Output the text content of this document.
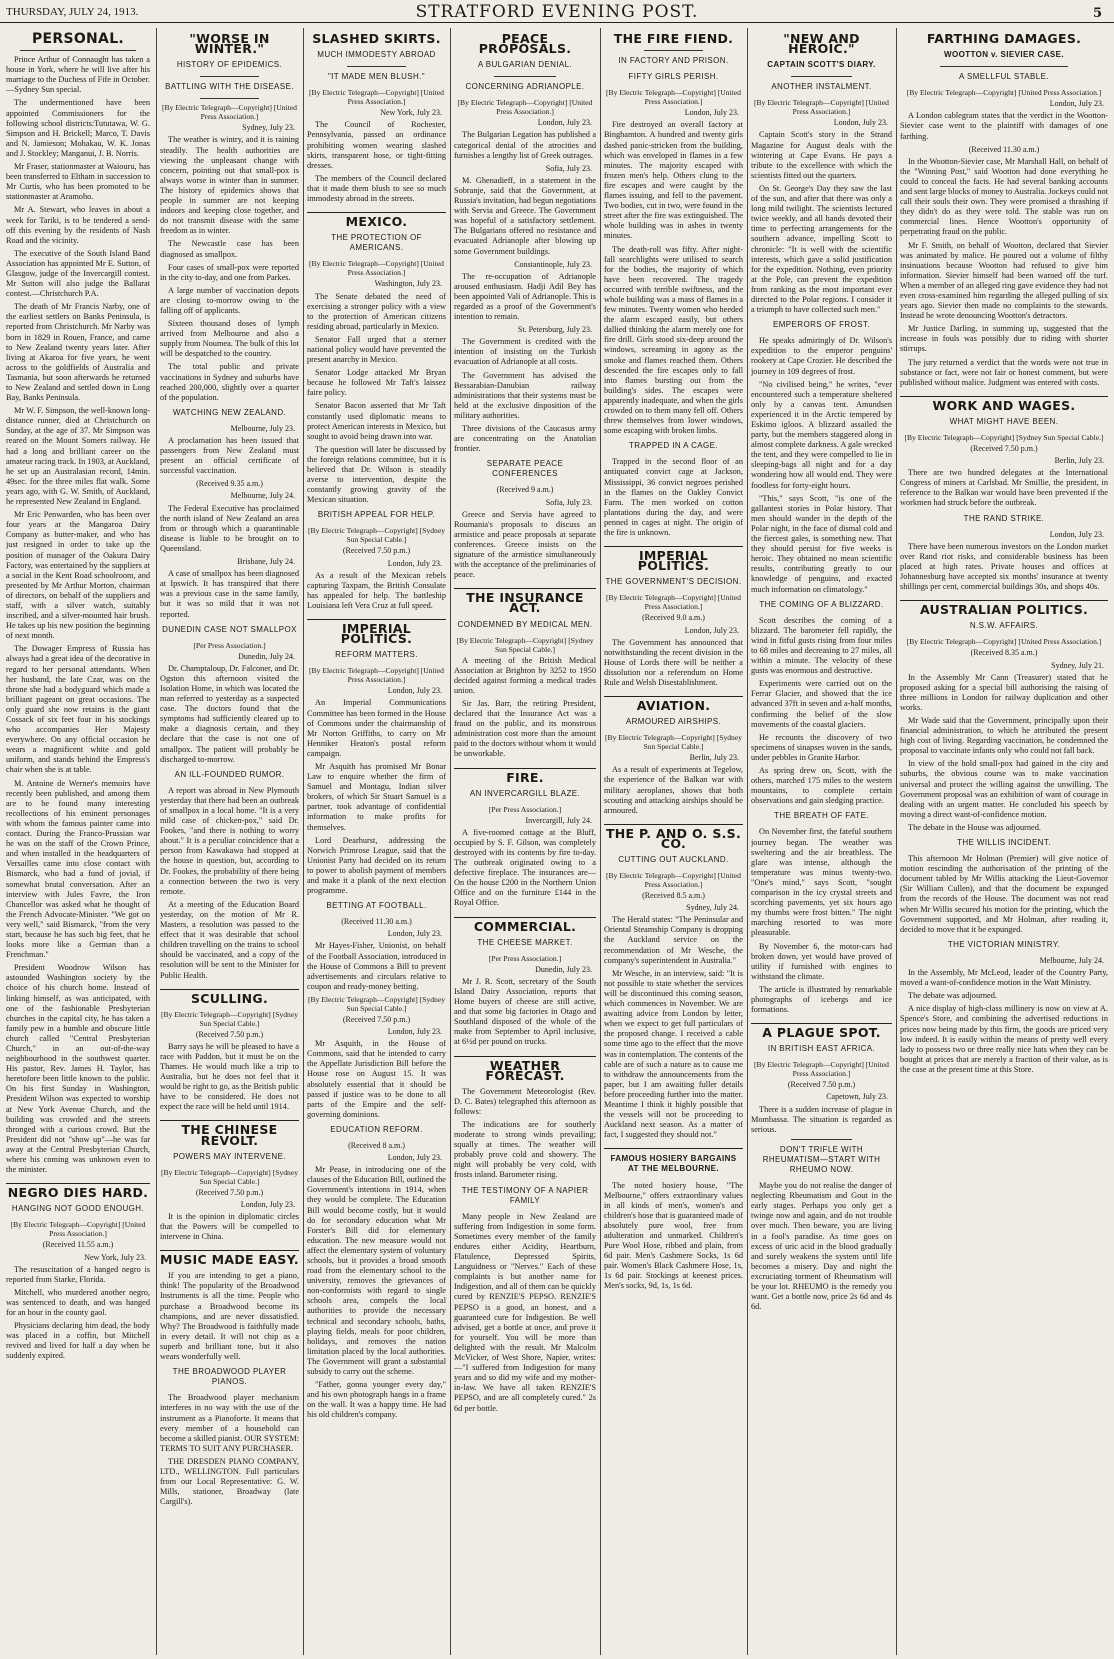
THURSDAY, JULY 24, 1913.	STRATFORD EVENING POST.	5
PERSONAL.

Prince Arthur of Connaught has taken a house in York, where he will live after his marriage to the Duchess of Fife in October.—Sydney Sun special.

The undermentioned have been appointed Commissioners for the following school districts:Tututawa, W. G. Simpson and H. Brickell; Marco, T. Davis and N. Jamieson; Mohakau, W. K. Jonas and J. Stockley; Manganui, J. B. Norris.

Mr Fraser, stationmaster at Waiouru, has been transferred to Eltham in succession to Mr Curtis, who has been promoted to be stationmaster at Aramoho.

Mr A. Stewart, who leaves in about a week for Tariki, is to be tendered a send-off this evening by the residents of Nash Road and the vicinity.

The executive of the South Island Band Association has appointed Mr E. Sutton, of Glasgow, judge of the Invercargill contest. Mr Sutton will also judge the Ballarat contest.—Christchurch P.A.

The death of Mr Francis Narby, one of the earliest settlers on Banks Peninsula, is reported from Christchurch. Mr Narby was born in 1829 in Rouen, France, and came to New Zealand twenty years later. After living at Akaroa for five years, he went across to the goldfields of Australia and Tasmania, but soon afterwards he returned to New Zealand and settled down in Long Bay, Banks Peninsula.

Mr W. F. Simpson, the well-known long-distance runner, died at Christchurch on Sunday, at the age of 37. Mr Simpson was reared on the Mount Somers railway. He had a long and brilliant career on the amateur racing track. In 1903, at Auckland, he set up an Australasian record, 14min. 49sec. for the three miles flat walk. Some years ago, with G. W. Smith, of Auckland, he represented New Zealand in England.

Mr Eric Penwarden, who has been over four years at the Mangaroa Dairy Company as butter-maker, and who has just resigned in order to take up the position of manager of the Oakura Dairy Factory, was entertained by the suppliers at a social in the Kent Road schoolroom, and presented by Mr Arthur Morton, chairman of directors, on behalf of the suppliers and staff, with a silver watch, suitably inscribed, and a silver-mounted hair brush. He takes up his new position the beginning of next month.

The Dowager Empress of Russia has always had a great idea of the decorative in regard to her personal attendants. When her husband, the late Czar, was on the throne she had a bodyguard which made a brilliant pageant on great occasions. The only guard she now retains is the giant Cossack of six feet four in his stockings who accompanies Her Majesty everywhere. On any official occasion he wears a magnificent white and gold uniform, and stands behind the Empress's chair when she is at table.

M. Antoine de Werner's memoirs have recently been published, and among them are to be found many interesting recollections of his eminent personages with whom the famous painter came into contact. During the Franco-Prussian war he was on the staff of the Crown Prince, and when installed in the headquarters of Versailles came into close contact with Bismarck, who had a fund of jovial, if somewhat brutal conversation. After an interview with Jules Favre, the Iron Chancellor was asked what he thought of the French Advocate-Minister. "We got on very well," said Bismarck, "from the very start, because he has such big feet, that he looks more like a German than a Frenchman."

President Woodrow Wilson has astounded Washington society by the choice of his church home. Instead of linking himself, as was anticipated, with one of the fashionable Presbyterian churches in the capital city, he has taken a family pew in a humble and obscure little church called "Central Presbyterian Church," in an out-of-the-way neighbourhood in the southwest quarter. His pastor, Rev. James H. Taylor, has heretofore been little known to the public. On his first Sunday in Washington, President Wilson was expected to worship at New York Avenue Church, and the building was crowded and the streets thronged with a curious crowd. But the President did not "show up"—he was far away at the Central Presbyterian Church, where his coming was unknown even to the minister.

NEGRO DIES HARD.
HANGING NOT GOOD ENOUGH.
[By Electric Telegraph—Copyright] [United Press Association.]
(Received 11.55 a.m.)
New York, July 23.

The resuscitation of a hanged negro is reported from Starke, Florida.

Mitchell, who murdered another negro, was sentenced to death, and was hanged for an hour in the county gaol.

Physicians declaring him dead, the body was placed in a coffin, but Mitchell revived and lived for half a day when he suddenly expired.

"WORSE IN WINTER."
HISTORY OF EPIDEMICS.
BATTLING WITH THE DISEASE.
[By Electric Telegraph—Copyright] [United Press Association.]
Sydney, July 23.

The weather is wintry, and it is raining steadily. The health authorities are viewing the unpleasant change with concern, pointing out that small-pox is always worse in winter than in summer. The history of epidemics shows that people in summer are not keeping indoors and keeping close together, and do not transmit disease with the same freedom as in winter.

The Newcastle case has been diagnosed as smallpox.

Four cases of small-pox were reported in the city to-day, and one from Parkes.

A large number of vaccination depots are closing to-morrow owing to the falling off of applicants.

Sixteen thousand doses of lymph arrived from Melbourne and also a supply from Noumea. The bulk of this lot will be despatched to the country.

The total public and private vaccinations in Sydney and suburbs have reached 200,000, slightly over a quarter of the population.

WATCHING NEW ZEALAND.
Melbourne, July 23.

A proclamation has been issued that passengers from New Zealand must present an official certificate of successful vaccination.

(Received 9.35 a.m.)
Melbourne, July 24.

The Federal Executive has proclaimed the north island of New Zealand an area from or through which a quarantinable disease is liable to be brought on to Queensland.

Brisbane, July 24.

A case of smallpox has been diagnosed at Ipswich. It has transpired that there was a previous case in the same family, but it was so mild that it was not reported.

DUNEDIN CASE NOT SMALLPOX
[Per Press Association.]
Dunedin, July 24.

Dr. Champtaloup, Dr. Falconer, and Dr. Ogston this afternoon visited the Isolation Home, in which was located the man referred to yesterday as a suspected case. The doctors found that the symptoms had sufficiently cleared up to make a diagnosis certain, and they declare that the case is not one of smallpox. The patient will probably be discharged to-morrow.

AN ILL-FOUNDED RUMOR.

A report was abroad in New Plymouth yesterday that there had been an outbreak of smallpox in a local home. "It is a very mild case of chicken-pox," said Dr. Fookes, "and there is nothing to worry about." It is a peculiar coincidence that a person from Kawakawa had stopped at the house in question, but, according to Dr. Fookes, the probability of there being a connection between the two is very remote.

At a meeting of the Education Board yesterday, on the motion of Mr R. Masters, a resolution was passed to the effect that it was desirable that school children travelling on the trains to school should be vaccinated, and a copy of the resolution will be sent to the Minister for Public Health.

SCULLING.
[By Electric Telegraph—Copyright] [Sydney Sun Special Cable.]
(Received 7.50 p.m.)

Barry says he will be pleased to have a race with Paddon, but it must be on the Thames. He would much like a trip to Australia, but he does not feel that it would be right to go, as the British public have to be considered. He does not expect the race will be held until 1914.

THE CHINESE REVOLT.
POWERS MAY INTERVENE.
[By Electric Telegraph—Copyright] [Sydney Sun Special Cable.]
(Received 7.50 p.m.)
London, July 23.

It is the opinion in diplomatic circles that the Powers will be compelled to intervene in China.

MUSIC MADE EASY.

If you are intending to get a piano, think! The popularity of the Broadwood Instruments is all the time. People who purchase a Broadwood become its champions, and are never dissatisfied. Why? The Broadwood is faithfully made in every detail. It will not chip as a superb and brilliant tone, but it also wears wonderfully well.

THE BROADWOOD PLAYER PIANOS.

The Broadwood player mechanism interferes in no way with the use of the instrument as a Pianoforte. It means that every member of a household can become a skilled pianist. OUR SYSTEM: TERMS TO SUIT ANY PURCHASER.

THE DRESDEN PIANO COMPANY, LTD., WELLINGTON. Full particulars from our Local Representative: G. W. Mills, stationer, Broadway (late Cargill's).

SLASHED SKIRTS.
MUCH IMMODESTY ABROAD
"IT MADE MEN BLUSH."
[By Electric Telegraph—Copyright] [United Press Association.]
New York, July 23.

The Council of Rochester, Pennsylvania, passed an ordinance prohibiting women wearing slashed skirts, transparent hose, or tight-fitting dresses.

The members of the Council declared that it made them blush to see so much immodesty abroad in the streets.

MEXICO.
THE PROTECTION OF AMERICANS.
[By Electric Telegraph—Copyright] [United Press Association.]
Washington, July 23.

The Senate debated the need of exercising a stronger policy with a view to the protection of American citizens residing abroad, particularly in Mexico.

Senator Fall urged that a sterner national policy would have prevented the present anarchy in Mexico.

Senator Lodge attacked Mr Bryan because he followed Mr Taft's laissez faire policy.

Senator Bacon asserted that Mr Taft constantly used diplomatic means to protect American interests in Mexico, but sought to avoid being drawn into war.

The question will later be discussed by the foreign relations committee, but it is believed that Dr. Wilson is steadily averse to intervention, despite the constantly growing gravity of the Mexican situation.

BRITISH APPEAL FOR HELP.
[By Electric Telegraph—Copyright] [Sydney Sun Special Cable.]
(Received 7.50 p.m.)
London, July 23.

As a result of the Mexican rebels capturing Taxpam, the British Consulate has appealed for help. The battleship Louisiana left Vera Cruz at full speed.

IMPERIAL POLITICS.
REFORM MATTERS.
[By Electric Telegraph—Copyright] [United Press Association.]
London, July 23.

An Imperial Communications Committee has been formed in the House of Commons under the chairmanship of Mr Norton Griffiths, to carry on Mr Henniker Heaton's postal reform campaign.

Mr Asquith has promised Mr Bonar Law to enquire whether the firm of Samuel and Montagu, Indian silver brokers, of which Sir Stuart Samuel is a partner, took advantage of confidential information to make profits for themselves.

Lord Dearhurst, addressing the Norwich Primrose League, said that the Unionist Party had decided on its return to power to abolish payment of members and make it a plank of the next election programme.

BETTING AT FOOTBALL.
(Received 11.30 a.m.)
London, July 23.

Mr Hayes-Fisher, Unionist, on behalf of the Football Association, introduced in the House of Commons a Bill to prevent advertisements and circulars relative to coupon and ready-money betting.

[By Electric Telegraph—Copyright] [Sydney Sun Special Cable.]
(Received 7.50 p.m.)
London, July 23.

Mr Asquith, in the House of Commons, said that he intended to carry the Appellate Jurisdiction Bill before the House rose on August 15. It was absolutely essential that it should be passed if justice was to be done to all parts of the Empire and the self-governing dominions.

EDUCATION REFORM.
(Received 8 a.m.)
London, July 23.

Mr Pease, in introducing one of the clauses of the Education Bill, outlined the Government's intentions in 1914, when they would be complete. The Education Bill would become costly, but it would do for secondary education what Mr Forster's Bill did for elementary education. The new measure would not affect the elementary system of voluntary schools, but it provides a broad smooth road from the elementary school to the university, removes the grievances of non-conformists with regard to single schools area, compels the local authorities to provide the necessary technical and secondary schools, baths, playing fields, meals for poor children, holidays, and removes the nation limitation placed by the local authorities. The Government will grant a substantial subsidy to carry out the scheme.

"Father, gonna younger every day," and his own photograph hangs in a frame on the wall. It was a happy time. He had his old children's company.

PEACE PROPOSALS.
A BULGARIAN DENIAL.
CONCERNING ADRIANOPLE.
[By Electric Telegraph—Copyright] [United Press Association.]
London, July 23.

The Bulgarian Legation has published a categorical denial of the atrocities and furnishes a lengthy list of Greek outrages.

Sofia, July 23.

M. Ghenadieff, in a statement in the Sobranje, said that the Government, at Russia's invitation, had begun negotiations with Servia and Greece. The Government was hopeful of a satisfactory settlement. The Bulgarians offered no resistance and evacuated Adrianople after blowing up some Government buildings.

Constantinople, July 23.

The re-occupation of Adrianople aroused enthusiasm. Hadji Adil Bey has been appointed Vali of Adrianople. This is regarded as a proof of the Government's intention to remain.

St. Petersburg, July 23.

The Government is credited with the intention of insisting on the Turkish evacuation of Adrianople at all costs.

The Government has advised the Bessarabian-Danubian railway administrations that their systems must be held at the exclusive disposition of the military authorities.

Three divisions of the Caucasus army are concentrating on the Anatolian frontier.

SEPARATE PEACE CONFERENCES
(Received 9 a.m.)
Sofia, July 23.

Greece and Servia have agreed to Roumania's proposals to discuss an armistice and peace proposals at separate conferences. Greece insists on the signature of the armistice simultaneously with the acceptance of the preliminaries of peace.

THE INSURANCE ACT.
CONDEMNED BY MEDICAL MEN.
[By Electric Telegraph—Copyright] [Sydney Sun Special Cable.]

A meeting of the British Medical Association at Brighton by 3252 to 1950 decided against forming a medical trades union.

Sir Jas. Barr, the retiring President, declared that the Insurance Act was a fraud on the public, and its monstrous administration cost more than the amount paid to the doctors without whom it would be unworkable.

FIRE.
AN INVERCARGILL BLAZE.
[Per Press Association.]
Invercargill, July 24.

A five-roomed cottage at the Bluff, occupied by S. F. Gilson, was completely destroyed with its contents by fire to-day. The outbreak originated owing to a defective fireplace. The insurances are—On the house £200 in the Northern Union Office and on the furniture £144 in the Royal Office.

COMMERCIAL.
THE CHEESE MARKET.
[Per Press Association.]
Dunedin, July 23.

Mr J. R. Scott, secretary of the South Island Dairy Association, reports that Home buyers of cheese are still active, and that some big factories in Otago and Southland disposed of the whole of the make from September to April inclusive, at 6½d per pound on trucks.

WEATHER FORECAST.

The Government Meteorologist (Rev. D. C. Bates) telegraphed this afternoon as follows:

The indications are for southerly moderate to strong winds prevailing; squally at times. The weather will probably prove cold and showery. The night will probably be very cold, with frosts inland. Barometer rising.

THE TESTIMONY OF A NAPIER FAMILY

Many people in New Zealand are suffering from Indigestion in some form. Sometimes every member of the family endures either Acidity, Heartburn, Flatulence, Depressed Spirits, Languidness or "Nerves." Each of these complaints is but another name for Indigestion, and all of them can be quickly cured by RENZIE'S PEPSO. RENZIE'S PEPSO is a good, an honest, and a guaranteed cure for Indigestion. Be well advised, get a bottle at once, and prove it for yourself. You will be more than delighted with the result. Mr Malcolm McVicker, of West Shore, Napier, writes:—"I suffered from Indigestion for many years and so did my wife and my mother-in-law. We have all taken RENZIE'S PEPSO, and are all completely cured." 2s 6d per bottle.

THE FIRE FIEND.
IN FACTORY AND PRISON.
FIFTY GIRLS PERISH.
[By Electric Telegraph—Copyright] [United Press Association.]
London, July 23.

Fire destroyed an overall factory at Binghamton. A hundred and twenty girls dashed panic-stricken from the building, which was enveloped in flames in a few minutes. The majority escaped with frozen men's help. Others clung to the fire escapes and were caught by the flames issuing, and fell to the pavement. Two bodies, cut in two, were found in the street after the fire was extinguished. The whole building was in ashes in twenty minutes.

The death-roll was fifty. After night-fall searchlights were utilised to search for the bodies, the majority of which have been recovered. The tragedy occurred with terrible swiftness, and the whole building was a mass of flames in a few minutes. Twenty women who heeded the alarm escaped easily, but others dallied thinking the alarm merely one for fire drill. Girls stood six-deep around the windows, screaming in agony as the smoke and flames reached them. Others descended the fire escapes only to fall into flames bursting out from the building's sides. The escapes were apparently inadequate, and when the girls crowded on to them many fell off. Others threw themselves from lower windows, some escaping with broken limbs.

TRAPPED IN A CAGE.

Trapped in the second floor of an antiquated convict cage at Jackson, Mississippi, 36 convict negroes perished in the flames on the Oakley Convict Farm. The men worked on cotton plantations during the day, and were penned in cages at night. The origin of the fire is unknown.

IMPERIAL POLITICS.
THE GOVERNMENT'S DECISION.
[By Electric Telegraph—Copyright] [United Press Association.]
(Received 9.0 a.m.)
London, July 23.

The Government has announced that notwithstanding the recent division in the House of Lords there will be neither a dissolution nor a referendum on Home Rule and Welsh Disestablishment.

AVIATION.
ARMOURED AIRSHIPS.
[By Electric Telegraph—Copyright] [Sydney Sun Special Cable.]
Berlin, July 23.

As a result of experiments at Tegelow, the experience of the Balkan war with military aeroplanes, shows that both scouting and attacking airships should be armoured.

THE P. AND O. S.S. CO.
CUTTING OUT AUCKLAND.
[By Electric Telegraph—Copyright] [United Press Association.]
(Received 8.5 a.m.)
Sydney, July 24.

The Herald states: "The Peninsular and Oriental Steamship Company is dropping the Auckland service on the recommendation of Mr Wesche, the company's superintendent in Australia."

Mr Wesche, in an interview, said: "It is not possible to state whether the services will be discontinued this coming season, which commences in November. We are awaiting advice from London by letter, when we expect to get full particulars of the proposed change. I received a cable some time ago to the effect that the move was in contemplation. The contents of the cable are of such a nature as to cause me to withdraw the announcements from the paper, but I am awaiting fuller details before proceeding further into the matter. Meantime I think it highly possible that the vessels will not be proceeding to Auckland next season. As a matter of fact, I suggested they should not."

FAMOUS HOSIERY BARGAINS AT THE MELBOURNE.

The noted hosiery house, "The Melbourne," offers extraordinary values in all kinds of men's, women's and children's hose that is guaranteed made of absolutely pure wool, free from adulteration and unmarked. Children's Pure Wool Hose, ribbed and plain, from 6d pair. Men's Cashmere Socks, 1s 6d pair. Women's Black Cashmere Hose, 1s, 1s 6d pair. Stockings at keenest prices. Men's socks, 9d, 1s, 1s 6d.

"NEW AND HEROIC."
CAPTAIN SCOTT'S DIARY.
ANOTHER INSTALMENT.
[By Electric Telegraph—Copyright] [United Press Association.]
London, July 23.

Captain Scott's story in the Strand Magazine for August deals with the wintering at Cape Evans. He pays a tribute to the excellence with which the scientists fitted out the quarters.

On St. George's Day they saw the last of the sun, and after that there was only a long mild twilight. The scientists lectured twice weekly, and all hands devoted their time to perfecting arrangements for the southern advance, impelling Scott to chronicle: "It is well with the scientific interests, which gave a solid justification for the expedition. Nothing, even priority at the Pole, can prevent the expedition from ranking as the most important ever directed to the Polar regions. I consider it a triumph to have collected such men."

EMPERORS OF FROST.

He speaks admiringly of Dr. Wilson's expedition to the emperor penguins' rookery at Cape Crozier. He described the journey in 109 degrees of frost.

"No civilised being," he writes, "ever encountered such a temperature sheltered only by a canvas tent. Amundsen experienced it in the Arctic tempered by Eskimo igloos. A blizzard assailed the party, but the members staggered along in almost complete darkness. A gale wrecked the tent, and they were compelled to lie in sleeping-bags all night and for a day wondering how all would end. They were foodless for forty-eight hours.

"This," says Scott, "is one of the gallantest stories in Polar history. That men should wander in the depth of the Polar night, in the face of dismal cold and the fiercest gales, is something new. That they should persist for five weeks is heroic. They obtained no mean scientific results, contributing greatly to our knowledge of penguins, and exacted much information on climatology."

THE COMING OF A BLIZZARD.

Scott describes the coming of a blizzard. The barometer fell rapidly, the wind in fitful gusts rising from four miles to 68 miles and decreasing to 27 miles, all within a minute. The velocity of these gusts was enormous and destructive.

Experiments were carried out on the Ferrar Glacier, and showed that the ice advanced 37ft in seven and a-half months, confirming the belief of the slow movements of the coastal glaciers.

He recounts the discovery of two specimens of sinapses woven in the sands, under pebbles in Granite Harbor.

As spring drew on, Scott, with the others, marched 175 miles to the western mountains, to complete certain observations and gain sledging practice.

THE BREATH OF FATE.

On November first, the fateful southern journey began. The weather was sweltering and the air breathless. The glare was intense, although the temperature was minus twenty-two. "One's mind," says Scott, "sought comparison in the icy crystal streets and scorching pavements, yet six hours ago my thumbs were frost bitten." The night marching resorted to was more pleasurable.

By November 6, the motor-cars had broken down, yet would have proved of utility if furnished with engines to withstand the climate.

The article is illustrated by remarkable photographs of icebergs and ice formations.

A PLAGUE SPOT.
IN BRITISH EAST AFRICA.
[By Electric Telegraph—Copyright] [United Press Association.]
(Received 7.50 p.m.)
Capetown, July 23.

There is a sudden increase of plague in Mombassa. The situation is regarded as serious.

DON'T TRIFLE WITH RHEUMATISM—START WITH RHEUMO NOW.

Maybe you do not realise the danger of neglecting Rheumatism and Gout in the early stages. Perhaps you only get a twinge now and again, and do not trouble over much. Then beware, you are living in a fool's paradise. As time goes on excess of uric acid in the blood gradually and surely weakens the system until life becomes a misery. Day and night the excruciating torment of Rheumatism will be your lot. RHEUMO is the remedy you want. Get a bottle now, price 2s 6d and 4s 6d.

FARTHING DAMAGES.
WOOTTON v. SIEVIER CASE.
A SMELLFUL STABLE.
[By Electric Telegraph—Copyright] [United Press Association.]
London, July 23.

A London cablegram states that the verdict in the Wootton-Sievier case went to the plaintiff with damages of one farthing.

(Received 11.30 a.m.)

In the Wootton-Sievier case, Mr Marshall Hall, on behalf of the "Winning Post," said Wootton had done everything he could to conceal the facts. He had several banking accounts and sent large blocks of money to Australia. Jockeys could not call their souls their own. They were promised a thrashing if they didn't do as they were told. The stable was run on commercial lines. Hence Wootton's opportunity of perpetrating fraud on the public.

Mr F. Smith, on behalf of Wootton, declared that Sievier was animated by malice. He poured out a volume of filthy insinuations because Wootton had refused to give him information. Sievier himself had been warned off the turf. When a member of an alleged ring gave evidence they had not even cross-examined him regarding the alleged pulling of six years ago. Sievier then made no complaints to the stewards. Instead he wrote denouncing Wootton's detractors.

Mr Justice Darling, in summing up, suggested that the increase in fouls was possibly due to riding with shorter stirrups.

The jury returned a verdict that the words were not true in substance or fact, were not fair or honest comment, but were published without malice. Judgment was entered with costs.

WORK AND WAGES.
WHAT MIGHT HAVE BEEN.
[By Electric Telegraph—Copyright] [Sydney Sun Special Cable.]
(Received 7.50 p.m.)
Berlin, July 23.

There are two hundred delegates at the International Congress of miners at Carlsbad. Mr Smillie, the president, in reference to the Balkan war would have been prevented if the workmen had struck before the outbreak.

THE RAND STRIKE.
London, July 23.

There have been numerous investors on the London market over Rand riot risks, and considerable business has been placed at high rates. Private houses and offices at Johannesburg have accepted six months' insurance at twenty shillings per cent, commercial buildings 30s, and shops 40s.

AUSTRALIAN POLITICS.
N.S.W. AFFAIRS.
[By Electric Telegraph—Copyright] [United Press Association.]
(Received 8.35 a.m.)
Sydney, July 21.

In the Assembly Mr Cann (Treasurer) stated that he proposed asking for a special bill authorising the raising of three millions in London for railway duplication and other works.

Mr Wade said that the Government, principally upon their financial administration, to which he attributed the present high cost of living. Regarding vaccination, he condemned the proposal to vaccinate infants only who could not fall back.

In view of the hold small-pox had gained in the city and suburbs, the obvious course was to make vaccination universal and protect the willing against the unwilling. The Government proposal was an exhibition of want of courage in dealing with an urgent matter. He concluded his speech by moving a direct want-of-confidence motion.

The debate in the House was adjourned.

THE WILLIS INCIDENT.

This afternoon Mr Holman (Premier) will give notice of motion rescinding the authorisation of the printing of the document tabled by Mr Willis attacking the Lieut-Governor (Sir William Cullen), and that the document be expunged from the records of the House. The document was not read when Mr Willis secured his motion for the printing, which the Government supported, and Mr Holman, after reading it, decided to move that it be expunged.

THE VICTORIAN MINISTRY.
Melbourne, July 24.

In the Assembly, Mr McLeod, leader of the Country Party, moved a want-of-confidence motion in the Watt Ministry.

The debate was adjourned.

A nice display of high-class millinery is now on view at A. Spence's Store, and combining the advertised reductions in prices now being made by this firm, the goods are priced very low indeed. It is easily within the means of pretty well every lady to possess two or three really nice hats when they can be bought at prices that are merely a fraction of their value, as is the case at the present time at this Store.
